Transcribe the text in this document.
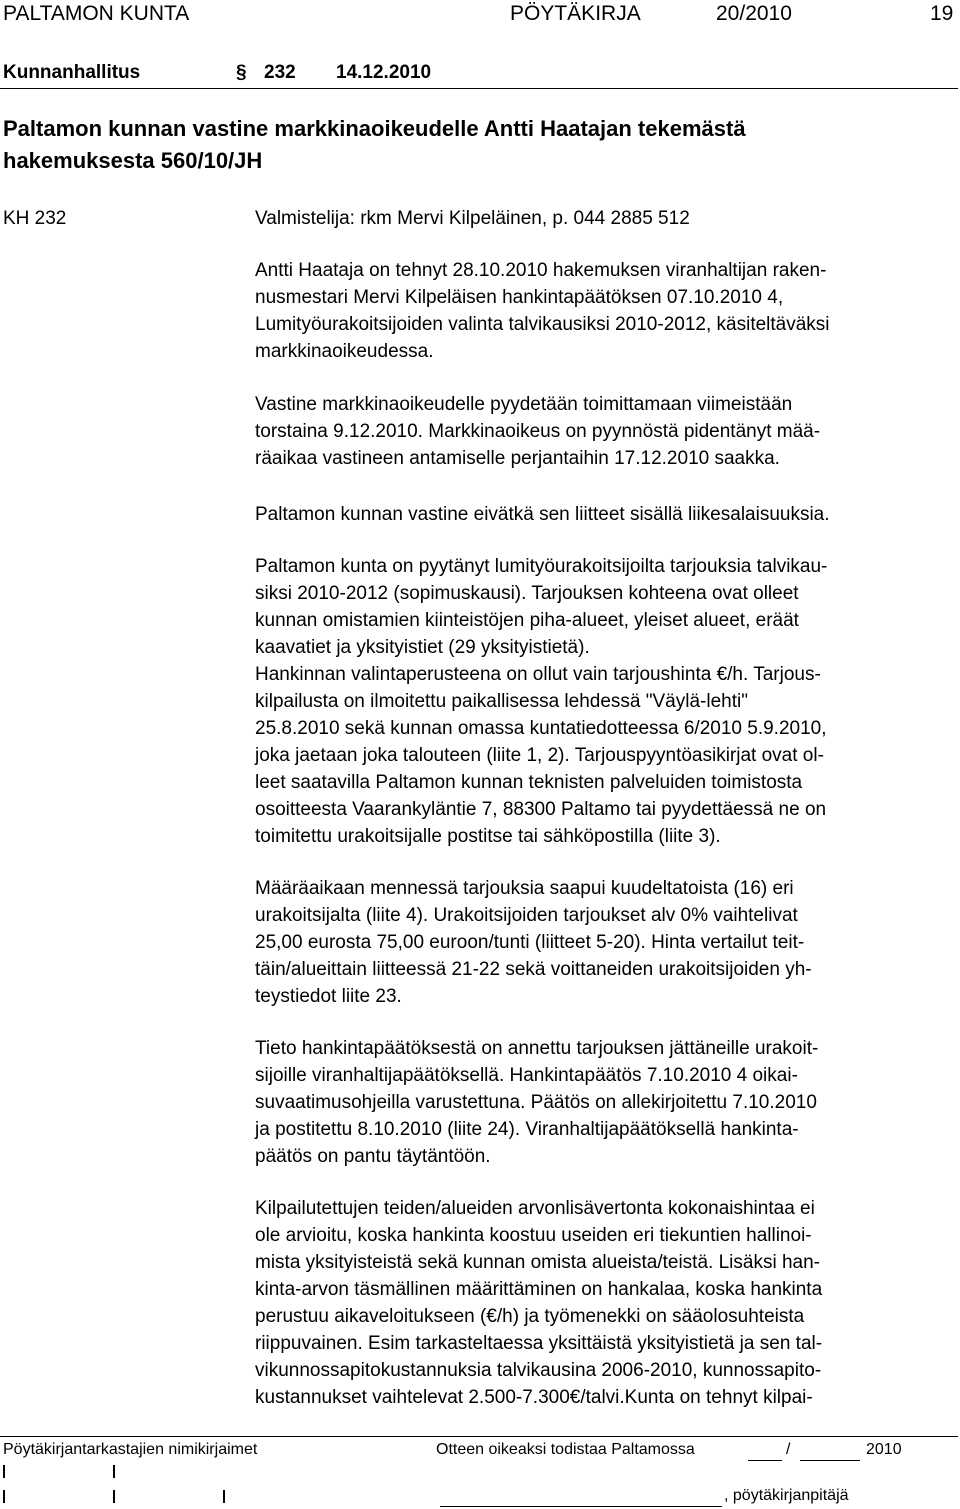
PALTAMON KUNTA	PÖYTÄKIRJA	20/2010	19
Kunnanhallitus	§ 232 14.12.2010
Paltamon kunnan vastine markkinaoikeudelle Antti Haatajan tekemästä
hakemuksesta 560/10/JH
KH 232	Valmistelija: rkm Mervi Kilpeläinen, p. 044 2885 512
Antti Haataja on tehnyt 28.10.2010 hakemuksen viranhaltijan raken-
nusmestari Mervi Kilpeläisen hankintapäätöksen 07.10.2010 4,
Lumityöurakoitsijoiden valinta talvikausiksi 2010-2012, käsiteltäväksi
markkinaoikeudessa.
Vastine markkinaoikeudelle pyydetään toimittamaan viimeistään
torstaina 9.12.2010. Markkinaoikeus on pyynnöstä pidentänyt mää-
räaikaa vastineen antamiselle perjantaihin 17.12.2010 saakka.
Paltamon kunnan vastine eivätkä sen liitteet sisällä liikesalaisuuksia.
Paltamon kunta on pyytänyt lumityöurakoitsijoilta tarjouksia talvikau-
siksi 2010-2012 (sopimuskausi). Tarjouksen kohteena ovat olleet
kunnan omistamien kiinteistöjen piha-alueet, yleiset alueet, eräät
kaavatiet ja yksityistiet (29 yksityistietä).
Hankinnan valintaperusteena on ollut vain tarjoushinta €/h. Tarjous-
kilpailusta on ilmoitettu paikallisessa lehdessä "Väylä-lehti"
25.8.2010 sekä kunnan omassa kuntatiedotteessa 6/2010 5.9.2010,
joka jaetaan joka talouteen (liite 1, 2). Tarjouspyyntöasikirjat ovat ol-
leet saatavilla Paltamon kunnan teknisten palveluiden toimistosta
osoitteesta Vaarankyläntie 7, 88300 Paltamo tai pyydettäessä ne on
toimitettu urakoitsijalle postitse tai sähköpostilla (liite 3).
Määräaikaan mennessä tarjouksia saapui kuudeltatoista (16) eri
urakoitsijalta (liite 4). Urakoitsijoiden tarjoukset alv 0% vaihtelivat
25,00 eurosta 75,00 euroon/tunti (liitteet 5-20). Hinta vertailut teit-
täin/alueittain liitteessä 21-22 sekä voittaneiden urakoitsijoiden yh-
teystiedot liite 23.
Tieto hankintapäätöksestä on annettu tarjouksen jättäneille urakoit-
sijoille viranhaltijapäätöksellä. Hankintapäätös 7.10.2010 4 oikai-
suvaatimusohjeilla varustettuna. Päätös on allekirjoitettu 7.10.2010
ja postitettu 8.10.2010 (liite 24). Viranhaltijapäätöksellä hankinta-
päätös on pantu täytäntöön.
Kilpailutettujen teiden/alueiden arvonlisävertonta kokonaishintaa ei
ole arvioitu, koska hankinta koostuu useiden eri tiekuntien hallinoi-
mista yksityisteistä sekä kunnan omista alueista/teistä. Lisäksi han-
kinta-arvon täsmällinen määrittäminen on hankalaa, koska hankinta
perustuu aikaveloitukseen (€/h) ja työmenekki on sääolosuhteista
riippuvainen. Esim tarkasteltaessa yksittäistä yksityistietä ja sen tal-
vikunnossapitokustannuksia talvikausina 2006-2010, kunnossapito-
kustannukset vaihtelevat 2.500-7.300€/talvi.Kunta on tehnyt kilpai-
Pöytäkirjantarkastajien nimikirjaimet	Otteen oikeaksi todistaa Paltamossa	/	2010
, pöytäkirjanpitäjä
